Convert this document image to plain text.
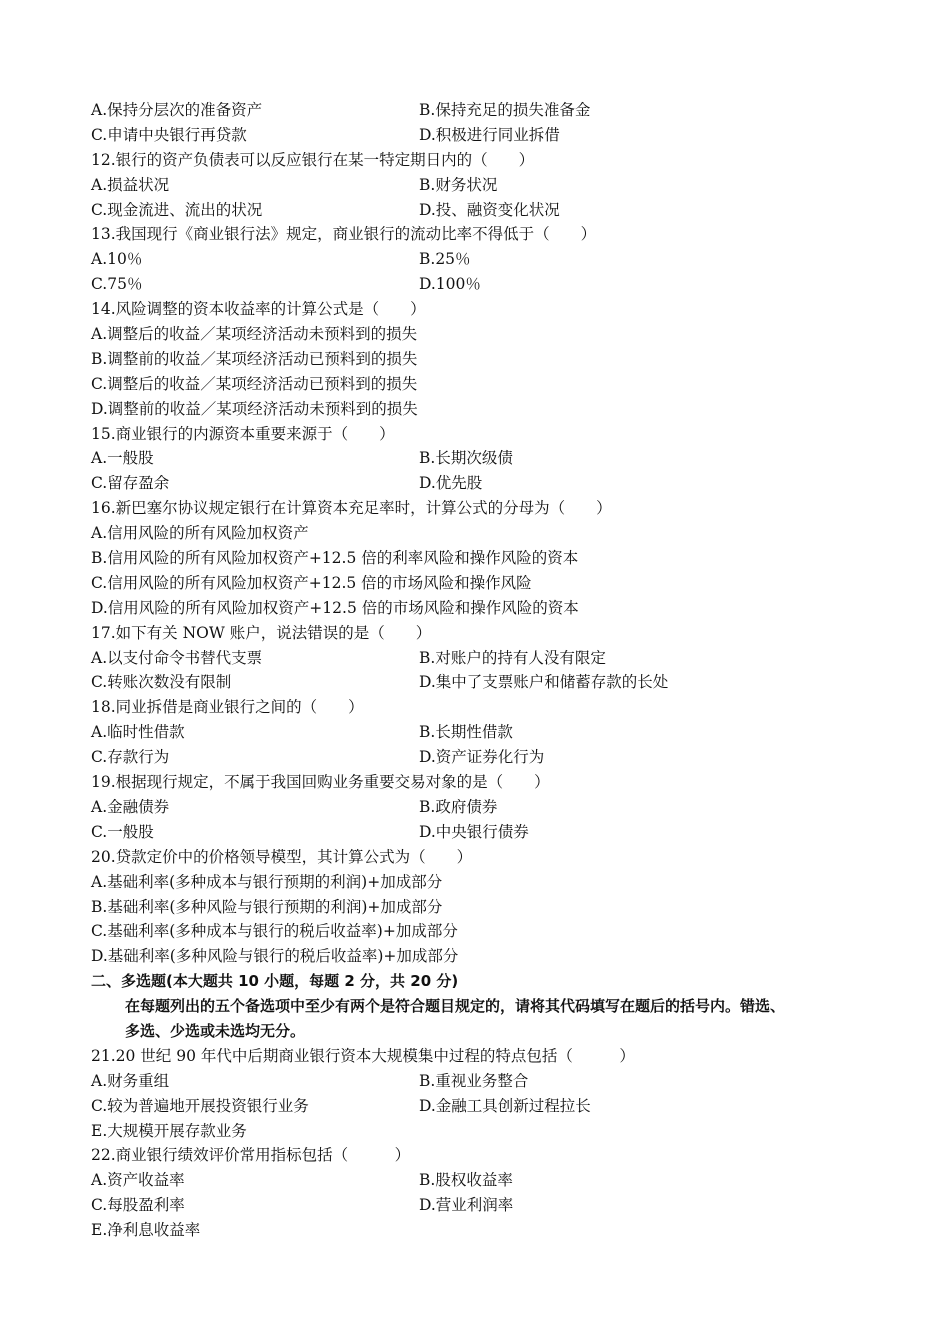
A.保持分层次的准备资产	B.保持充足的损失准备金
C.申请中央银行再贷款	D.积极进行同业拆借
12.银行的资产负债表可以反应银行在某一特定期日内的（　　）
A.损益状况	B.财务状况
C.现金流进、流出的状况	D.投、融资变化状况
13.我国现行《商业银行法》规定，商业银行的流动比率不得低于（　　）
A.10％	B.25％
C.75％	D.100％
14.风险调整的资本收益率的计算公式是（　　）
A.调整后的收益／某项经济活动未预料到的损失
B.调整前的收益／某项经济活动已预料到的损失
C.调整后的收益／某项经济活动已预料到的损失
D.调整前的收益／某项经济活动未预料到的损失
15.商业银行的内源资本重要来源于（　　）
A.一般股	B.长期次级债
C.留存盈余	D.优先股
16.新巴塞尔协议规定银行在计算资本充足率时，计算公式的分母为（　　）
A.信用风险的所有风险加权资产
B.信用风险的所有风险加权资产+12.5 倍的利率风险和操作风险的资本
C.信用风险的所有风险加权资产+12.5 倍的市场风险和操作风险
D.信用风险的所有风险加权资产+12.5 倍的市场风险和操作风险的资本
17.如下有关 NOW 账户，说法错误的是（　　）
A.以支付命令书替代支票	B.对账户的持有人没有限定
C.转账次数没有限制	D.集中了支票账户和储蓄存款的长处
18.同业拆借是商业银行之间的（　　）
A.临时性借款	B.长期性借款
C.存款行为	D.资产证券化行为
19.根据现行规定，不属于我国回购业务重要交易对象的是（　　）
A.金融债券	B.政府债券
C.一般股	D.中央银行债券
20.贷款定价中的价格领导模型，其计算公式为（　　）
A.基础利率(多种成本与银行预期的利润)+加成部分
B.基础利率(多种风险与银行预期的利润)+加成部分
C.基础利率(多种成本与银行的税后收益率)+加成部分
D.基础利率(多种风险与银行的税后收益率)+加成部分
二、多选题(本大题共 10 小题，每题 2 分，共 20 分)
在每题列出的五个备选项中至少有两个是符合题目规定的，请将其代码填写在题后的括号内。错选、
多选、少选或未选均无分。
21.20 世纪 90 年代中后期商业银行资本大规模集中过程的特点包括（　　　）
A.财务重组	B.重视业务整合
C.较为普遍地开展投资银行业务	D.金融工具创新过程拉长
E.大规模开展存款业务
22.商业银行绩效评价常用指标包括（　　　）
A.资产收益率	B.股权收益率
C.每股盈利率	D.营业利润率
E.净利息收益率
